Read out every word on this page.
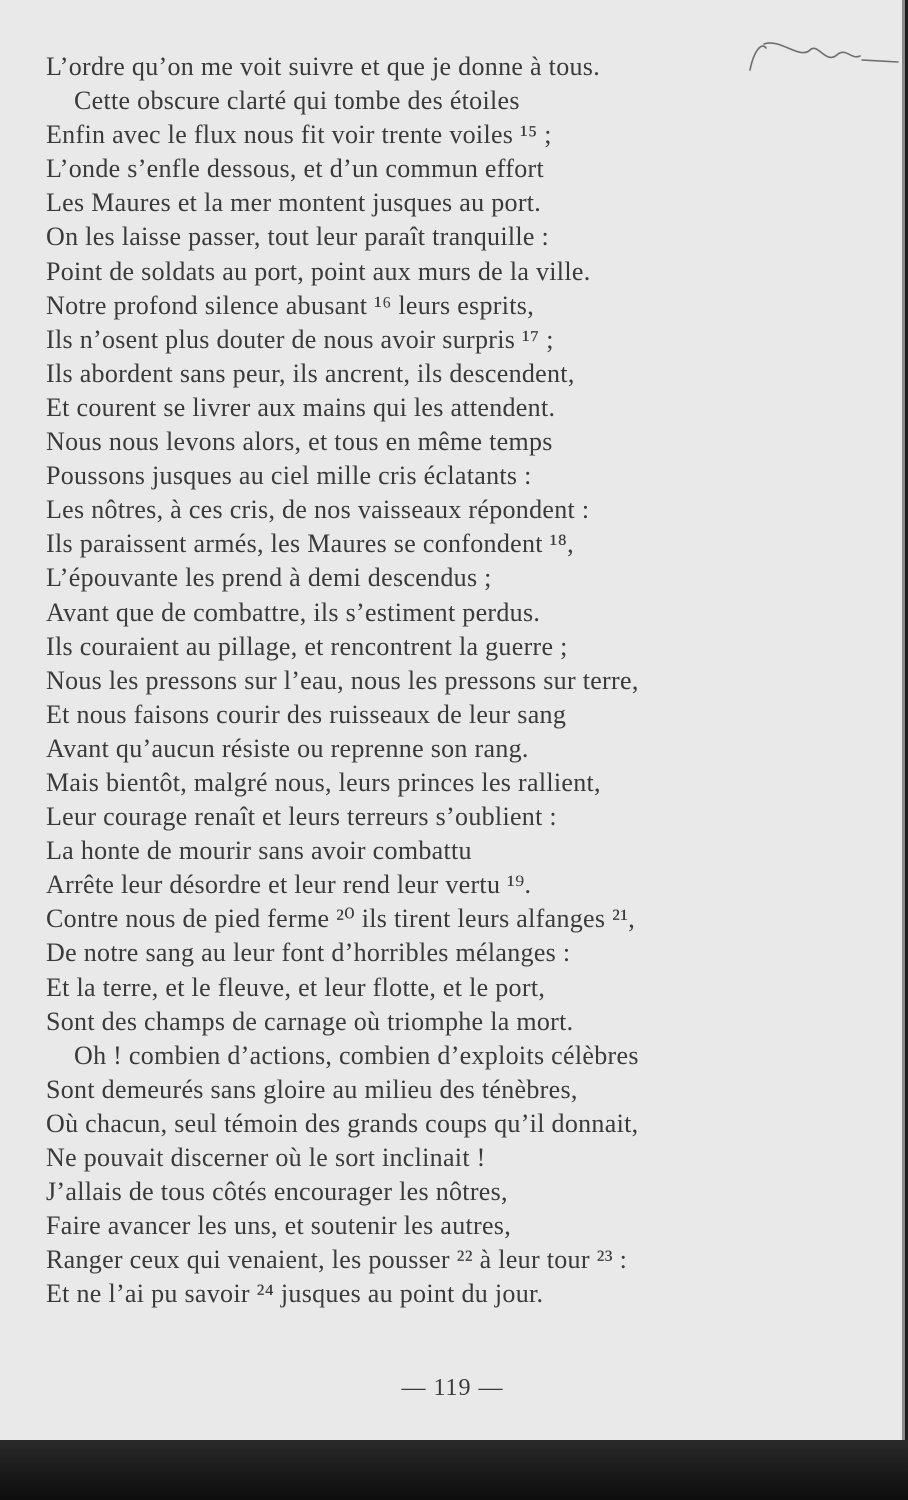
L’ordre qu’on me voit suivre et que je donne à tous.
Cette obscure clarté qui tombe des étoiles
Enfin avec le flux nous fit voir trente voiles ¹⁵ ;
L’onde s’enfle dessous, et d’un commun effort
Les Maures et la mer montent jusques au port.
On les laisse passer, tout leur paraît tranquille :
Point de soldats au port, point aux murs de la ville.
Notre profond silence abusant ¹⁶ leurs esprits,
Ils n’osent plus douter de nous avoir surpris ¹⁷ ;
Ils abordent sans peur, ils ancrent, ils descendent,
Et courent se livrer aux mains qui les attendent.
Nous nous levons alors, et tous en même temps
Poussons jusques au ciel mille cris éclatants :
Les nôtres, à ces cris, de nos vaisseaux répondent :
Ils paraissent armés, les Maures se confondent ¹⁸,
L’épouvante les prend à demi descendus ;
Avant que de combattre, ils s’estiment perdus.
Ils couraient au pillage, et rencontrent la guerre ;
Nous les pressons sur l’eau, nous les pressons sur terre,
Et nous faisons courir des ruisseaux de leur sang
Avant qu’aucun résiste ou reprenne son rang.
Mais bientôt, malgré nous, leurs princes les rallient,
Leur courage renaît et leurs terreurs s’oublient :
La honte de mourir sans avoir combattu
Arrête leur désordre et leur rend leur vertu ¹⁹.
Contre nous de pied ferme ²⁰ ils tirent leurs alfanges ²¹,
De notre sang au leur font d’horribles mélanges :
Et la terre, et le fleuve, et leur flotte, et le port,
Sont des champs de carnage où triomphe la mort.
Oh ! combien d’actions, combien d’exploits célèbres
Sont demeurés sans gloire au milieu des ténèbres,
Où chacun, seul témoin des grands coups qu’il donnait,
Ne pouvait discerner où le sort inclinait !
J’allais de tous côtés encourager les nôtres,
Faire avancer les uns, et soutenir les autres,
Ranger ceux qui venaient, les pousser ²² à leur tour ²³ :
Et ne l’ai pu savoir ²⁴ jusques au point du jour.
— 119 —
